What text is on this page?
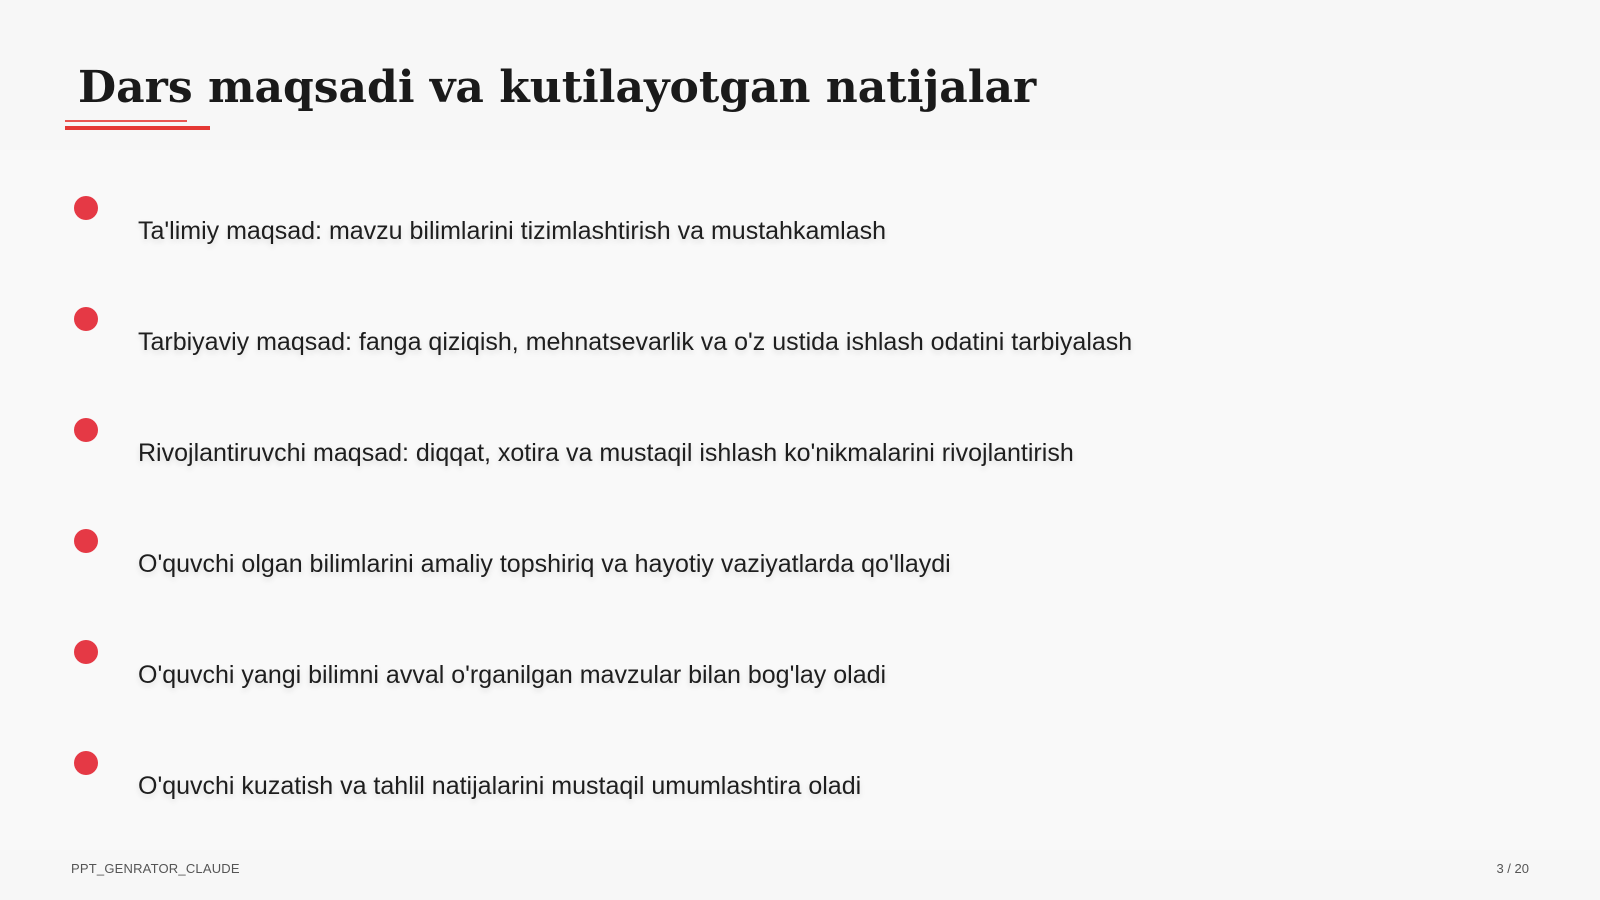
Dars maqsadi va kutilayotgan natijalar
Ta'limiy maqsad: mavzu bilimlarini tizimlashtirish va mustahkamlash
Tarbiyaviy maqsad: fanga qiziqish, mehnatsevarlik va o'z ustida ishlash odatini tarbiyalash
Rivojlantiruvchi maqsad: diqqat, xotira va mustaqil ishlash ko'nikmalarini rivojlantirish
O'quvchi olgan bilimlarini amaliy topshiriq va hayotiy vaziyatlarda qo'llaydi
O'quvchi yangi bilimni avval o'rganilgan mavzular bilan bog'lay oladi
O'quvchi kuzatish va tahlil natijalarini mustaqil umumlashtira oladi
PPT_GENRATOR_CLAUDE	3 / 20
